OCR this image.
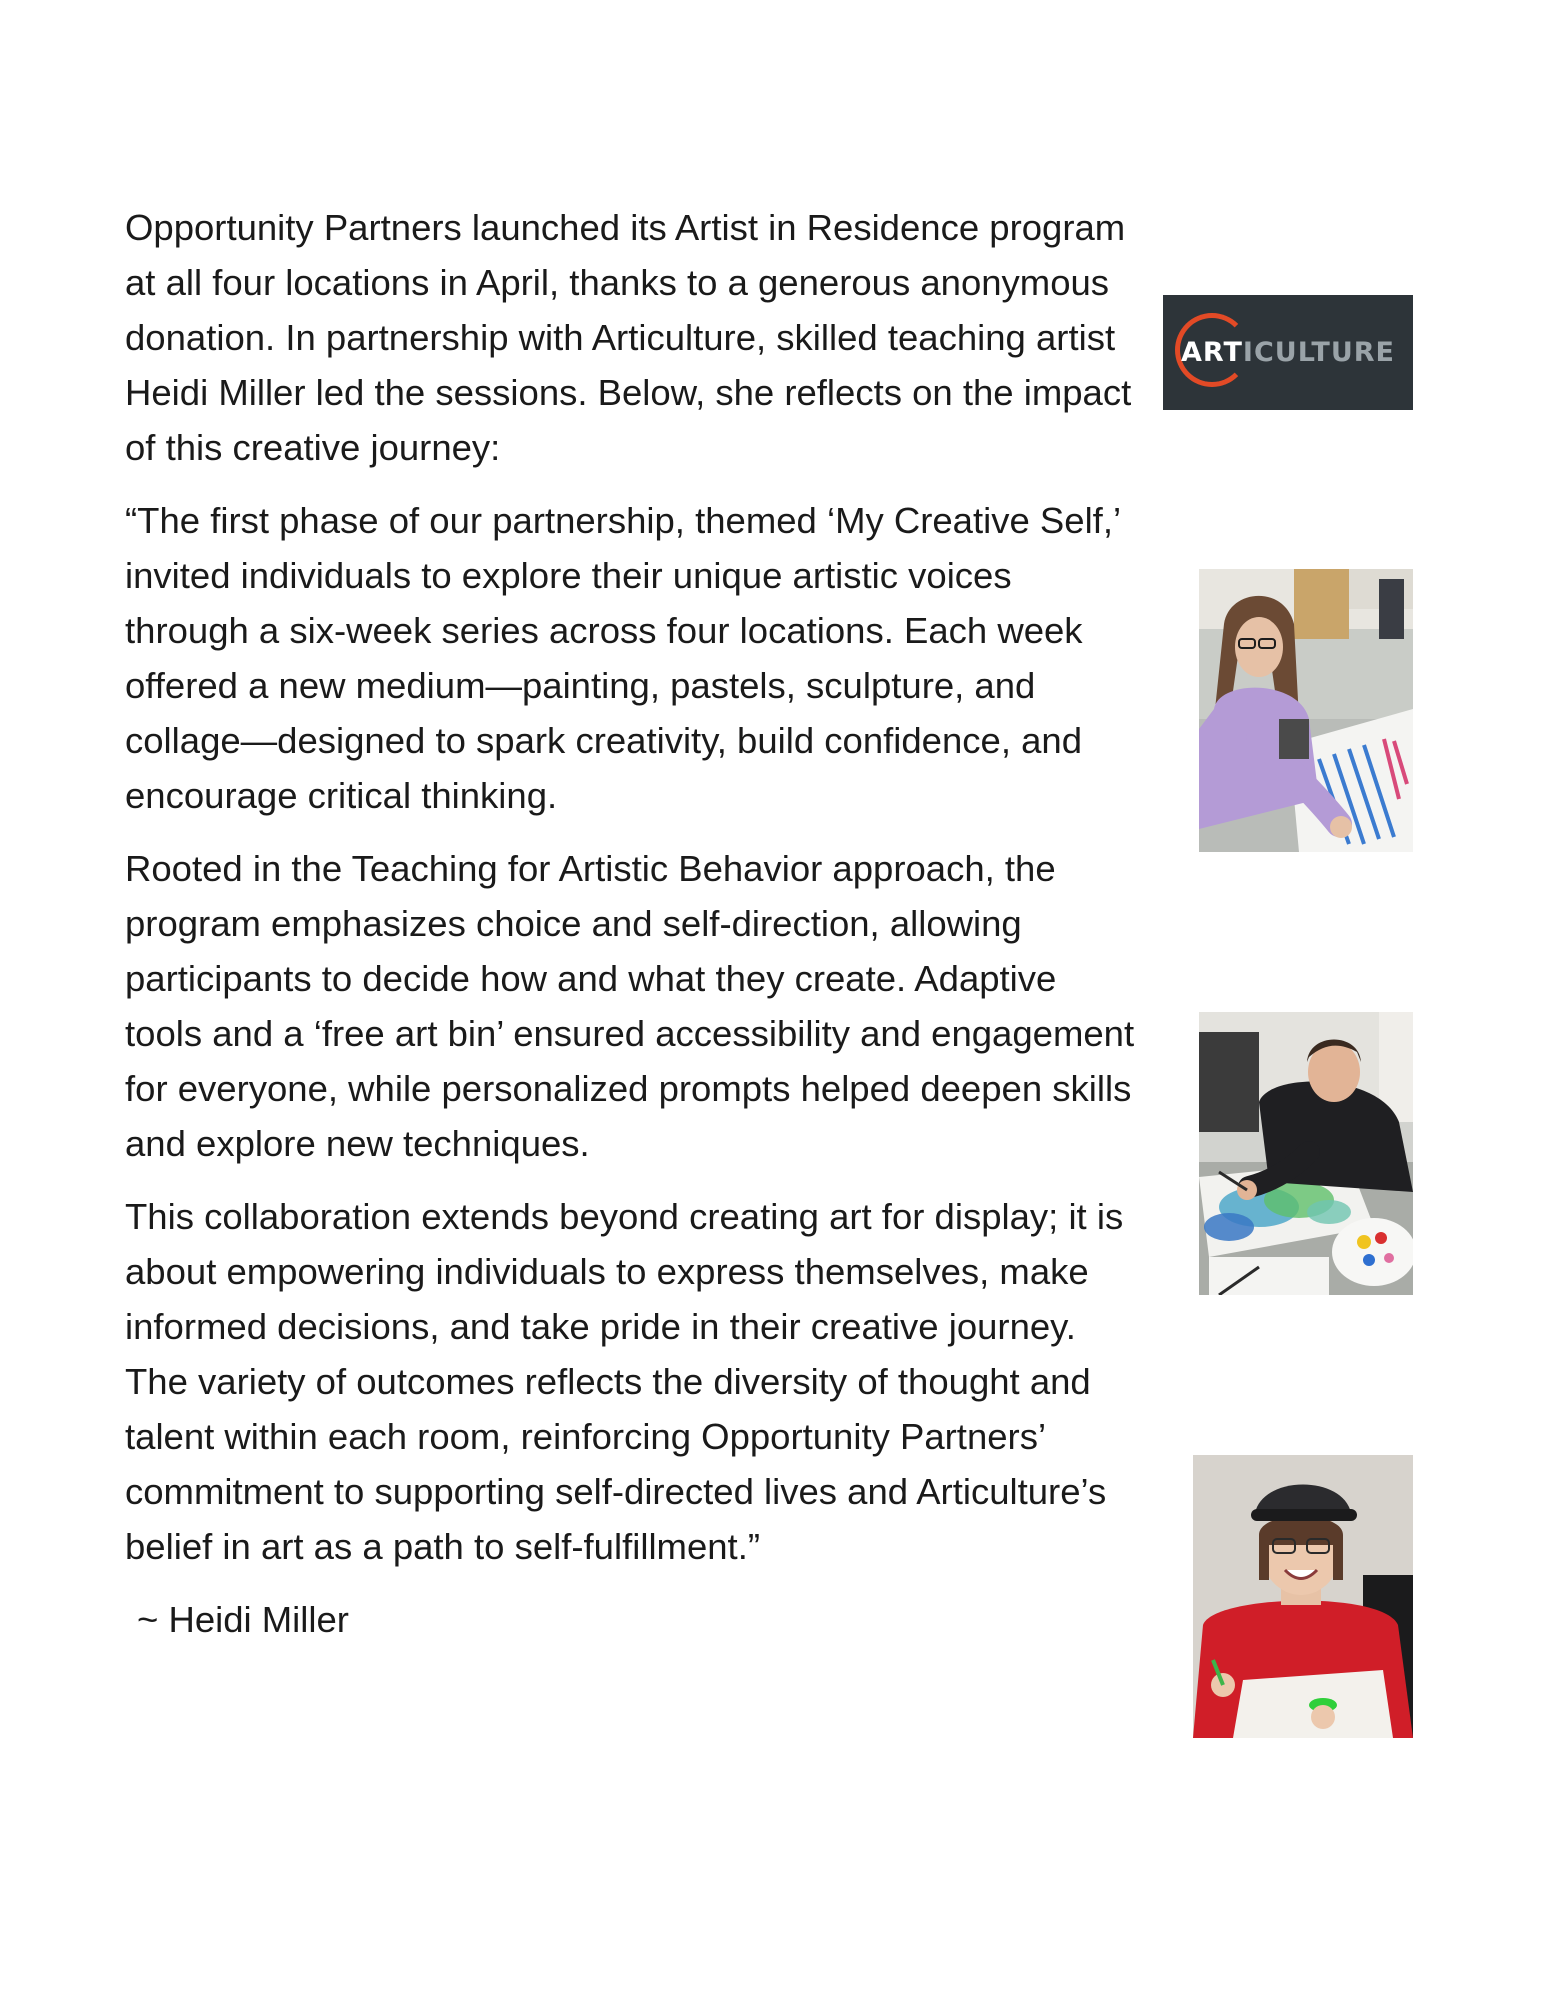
Opportunity Partners launched its Artist in Residence program at all four locations in April, thanks to a generous anonymous donation. In partnership with Articulture, skilled teaching artist Heidi Miller led the sessions. Below, she reflects on the impact of this creative journey:

“The first phase of our partnership, themed ‘My Creative Self,’ invited individuals to explore their unique artistic voices through a six-week series across four locations. Each week offered a new medium—painting, pastels, sculpture, and collage—designed to spark creativity, build confidence, and encourage critical thinking.

Rooted in the Teaching for Artistic Behavior approach, the program emphasizes choice and self-direction, allowing participants to decide how and what they create. Adaptive tools and a ‘free art bin’ ensured accessibility and engagement for everyone, while personalized prompts helped deepen skills and explore new techniques.

This collaboration extends beyond creating art for display; it is about empowering individuals to express themselves, make informed decisions, and take pride in their creative journey. The variety of outcomes reflects the diversity of thought and talent within each room, reinforcing Opportunity Partners’ commitment to supporting self-directed lives and Articulture’s belief in art as a path to self-fulfillment.”

~ Heidi Miller

ART ICULTURE
